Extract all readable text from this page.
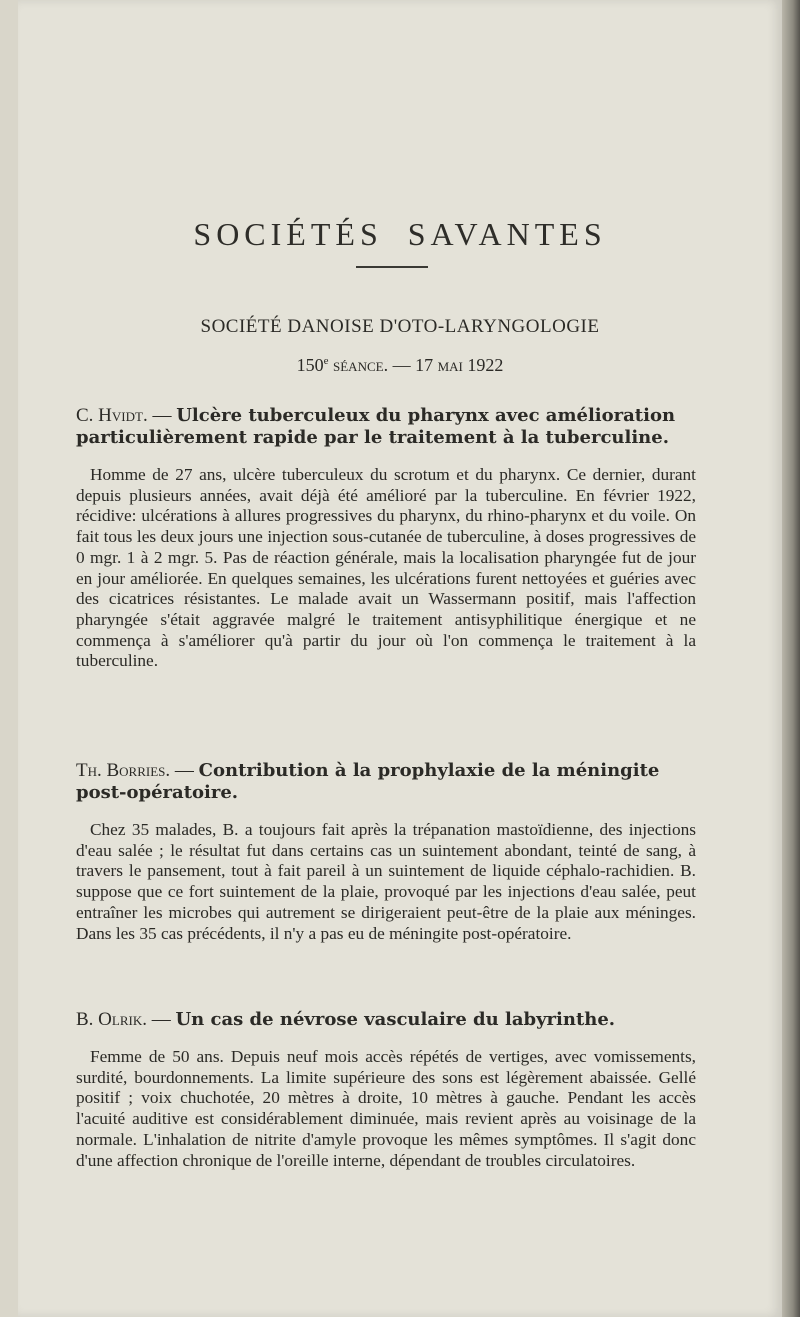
SOCIÉTÉS SAVANTES
SOCIÉTÉ DANOISE D'OTO-LARYNGOLOGIE
150e séance. — 17 mai 1922
C. Hvidt. — Ulcère tuberculeux du pharynx avec amélioration particulièrement rapide par le traitement à la tuberculine.
Homme de 27 ans, ulcère tuberculeux du scrotum et du pharynx. Ce dernier, durant depuis plusieurs années, avait déjà été amélioré par la tuberculine. En février 1922, récidive: ulcérations à allures progressives du pharynx, du rhino-pharynx et du voile. On fait tous les deux jours une injection sous-cutanée de tuberculine, à doses progressives de 0 mgr. 1 à 2 mgr. 5. Pas de réaction générale, mais la localisation pharyngée fut de jour en jour améliorée. En quelques semaines, les ulcérations furent nettoyées et guéries avec des cicatrices résistantes. Le malade avait un Wassermann positif, mais l'affection pharyngée s'était aggravée malgré le traitement antisyphilitique énergique et ne commença à s'améliorer qu'à partir du jour où l'on commença le traitement à la tuberculine.
Th. Borries. — Contribution à la prophylaxie de la méningite post-opératoire.
Chez 35 malades, B. a toujours fait après la trépanation mastoïdienne, des injections d'eau salée ; le résultat fut dans certains cas un suintement abondant, teinté de sang, à travers le pansement, tout à fait pareil à un suintement de liquide céphalo-rachidien. B. suppose que ce fort suintement de la plaie, provoqué par les injections d'eau salée, peut entraîner les microbes qui autrement se dirigeraient peut-être de la plaie aux méninges. Dans les 35 cas précédents, il n'y a pas eu de méningite post-opératoire.
B. Olrik. — Un cas de névrose vasculaire du labyrinthe.
Femme de 50 ans. Depuis neuf mois accès répétés de vertiges, avec vomissements, surdité, bourdonnements. La limite supérieure des sons est légèrement abaissée. Gellé positif ; voix chuchotée, 20 mètres à droite, 10 mètres à gauche. Pendant les accès l'acuité auditive est considérablement diminuée, mais revient après au voisinage de la normale. L'inhalation de nitrite d'amyle provoque les mêmes symptômes. Il s'agit donc d'une affection chronique de l'oreille interne, dépendant de troubles circulatoires.
